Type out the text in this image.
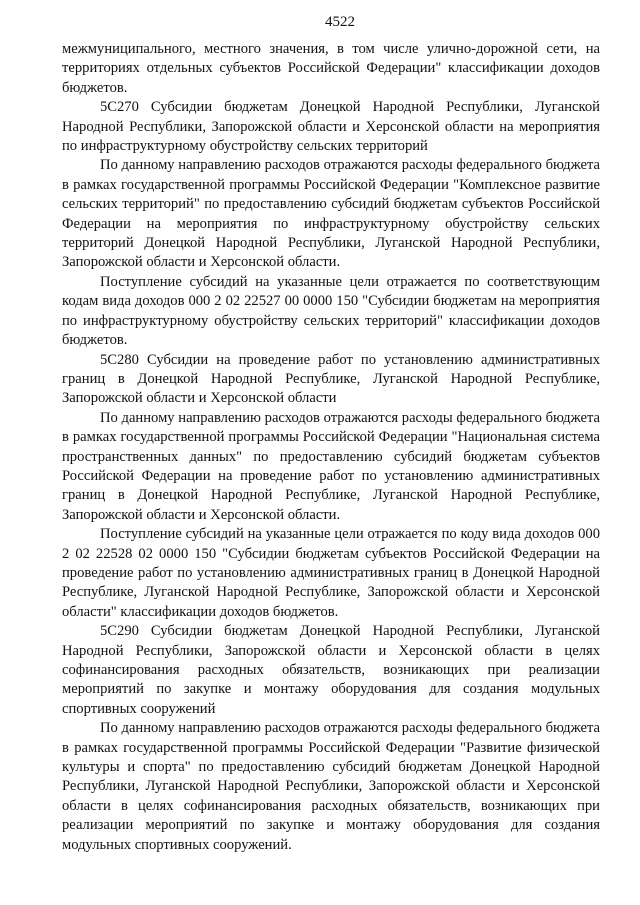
4522

межмуниципального, местного значения, в том числе улично-дорожной сети, на территориях отдельных субъектов Российской Федерации" классификации доходов бюджетов.

5С270 Субсидии бюджетам Донецкой Народной Республики, Луганской Народной Республики, Запорожской области и Херсонской области на мероприятия по инфраструктурному обустройству сельских территорий

По данному направлению расходов отражаются расходы федерального бюджета в рамках государственной программы Российской Федерации "Комплексное развитие сельских территорий" по предоставлению субсидий бюджетам субъектов Российской Федерации на мероприятия по инфраструктурному обустройству сельских территорий Донецкой Народной Республики, Луганской Народной Республики, Запорожской области и Херсонской области.

Поступление субсидий на указанные цели отражается по соответствующим кодам вида доходов 000 2 02 22527 00 0000 150 "Субсидии бюджетам на мероприятия по инфраструктурному обустройству сельских территорий" классификации доходов бюджетов.

5С280 Субсидии на проведение работ по установлению административных границ в Донецкой Народной Республике, Луганской Народной Республике, Запорожской области и Херсонской области

По данному направлению расходов отражаются расходы федерального бюджета в рамках государственной программы Российской Федерации "Национальная система пространственных данных" по предоставлению субсидий бюджетам субъектов Российской Федерации на проведение работ по установлению административных границ в Донецкой Народной Республике, Луганской Народной Республике, Запорожской области и Херсонской области.

Поступление субсидий на указанные цели отражается по коду вида доходов 000 2 02 22528 02 0000 150 "Субсидии бюджетам субъектов Российской Федерации на проведение работ по установлению административных границ в Донецкой Народной Республике, Луганской Народной Республике, Запорожской области и Херсонской области" классификации доходов бюджетов.

5С290 Субсидии бюджетам Донецкой Народной Республики, Луганской Народной Республики, Запорожской области и Херсонской области в целях софинансирования расходных обязательств, возникающих при реализации мероприятий по закупке и монтажу оборудования для создания модульных спортивных сооружений

По данному направлению расходов отражаются расходы федерального бюджета в рамках государственной программы Российской Федерации "Развитие физической культуры и спорта" по предоставлению субсидий бюджетам Донецкой Народной Республики, Луганской Народной Республики, Запорожской области и Херсонской области в целях софинансирования расходных обязательств, возникающих при реализации мероприятий по закупке и монтажу оборудования для создания модульных спортивных сооружений.
